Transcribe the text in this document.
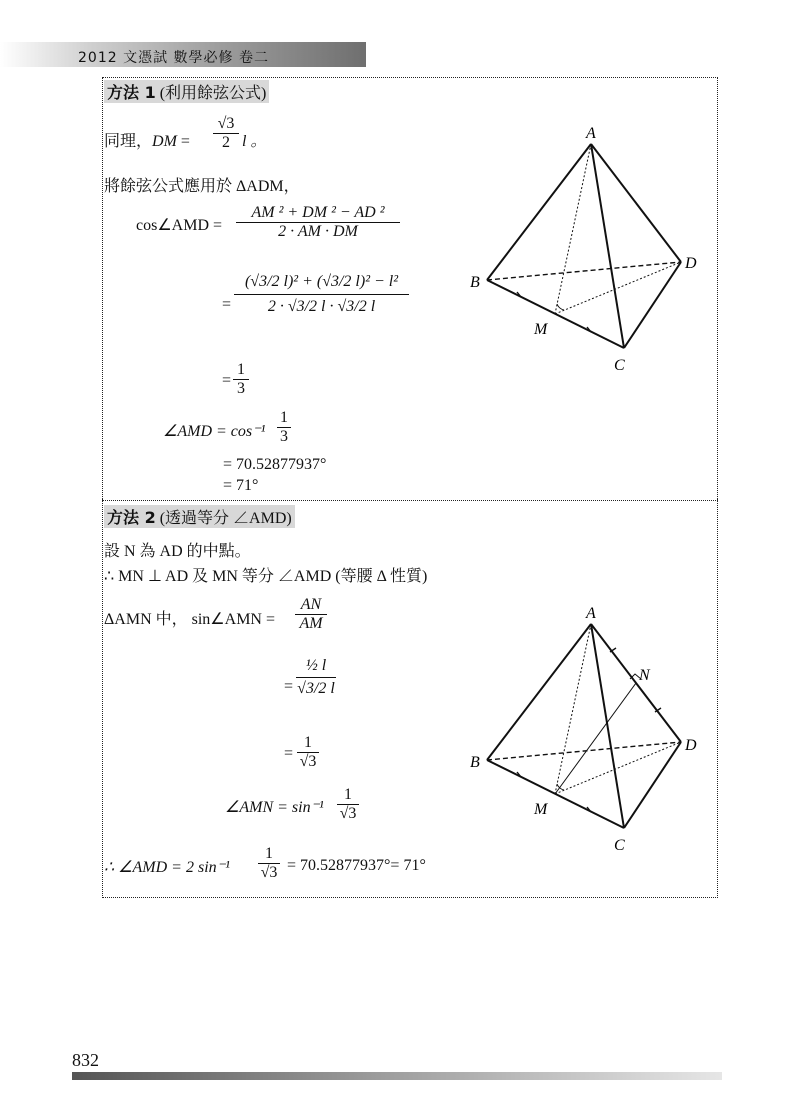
2012 文憑試 數學必修 卷二
方法 1 (利用餘弦公式)
同理，DM =
√3
2 l 。
將餘弦公式應用於 ΔADM，
cos∠AMD =
AM ² + DM ² − AD ²
2 · AM · DM
=
(√3/2 l)² + (√3/2 l)² − l²
2 · √3/2 l · √3/2 l
=
1
3
∠AMD = cos⁻¹
1
3
= 70.52877937°
= 71°
A
B
C
D
M
方法 2 (透過等分 ∠AMD)
設 N 為 AD 的中點。
∴ MN ⊥ AD 及 MN 等分 ∠AMD (等腰 Δ 性質)
ΔAMN 中， sin∠AMN =
AN
AM
=
½ l
√3/2 l
=
1
√3
∠AMN = sin⁻¹
1
√3
∴ ∠AMD = 2 sin⁻¹
1
√3 = 70.52877937°= 71°
A
B
C
D
M
N
832
